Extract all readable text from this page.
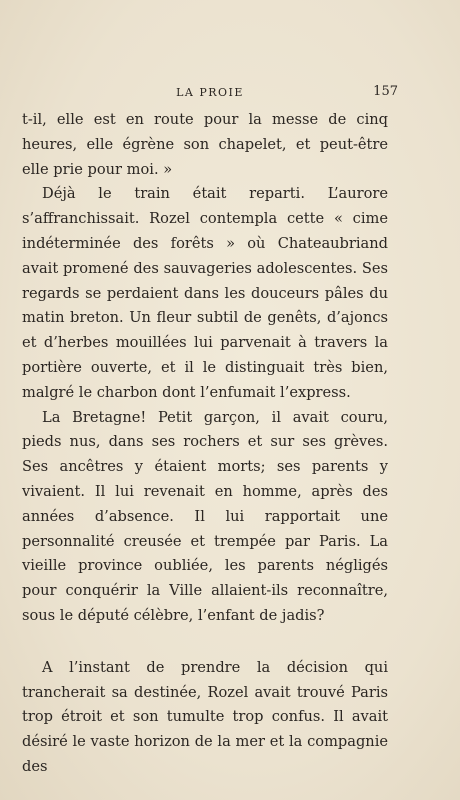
LA PROIE	157

t-il, elle est en route pour la messe de cinq heures, elle égrène son chapelet, et peut-être elle prie pour moi. »

Déjà le train était reparti. L’aurore s’affranchissait. Rozel contempla cette « cime indéterminée des forêts » où Chateaubriand avait promené des sauvageries adolescentes. Ses regards se perdaient dans les douceurs pâles du matin breton. Un fleur subtil de genêts, d’ajoncs et d’herbes mouillées lui parvenait à travers la portière ouverte, et il le distinguait très bien, malgré le charbon dont l’enfumait l’express.

La Bretagne! Petit garçon, il avait couru, pieds nus, dans ses rochers et sur ses grèves. Ses ancêtres y étaient morts; ses parents y vivaient. Il lui revenait en homme, après des années d’absence. Il lui rapportait une personnalité creusée et trempée par Paris. La vieille province oubliée, les parents négligés pour conquérir la Ville allaient-ils reconnaître, sous le député célèbre, l’enfant de jadis?

A l’instant de prendre la décision qui trancherait sa destinée, Rozel avait trouvé Paris trop étroit et son tumulte trop confus. Il avait désiré le vaste horizon de la mer et la compagnie des
